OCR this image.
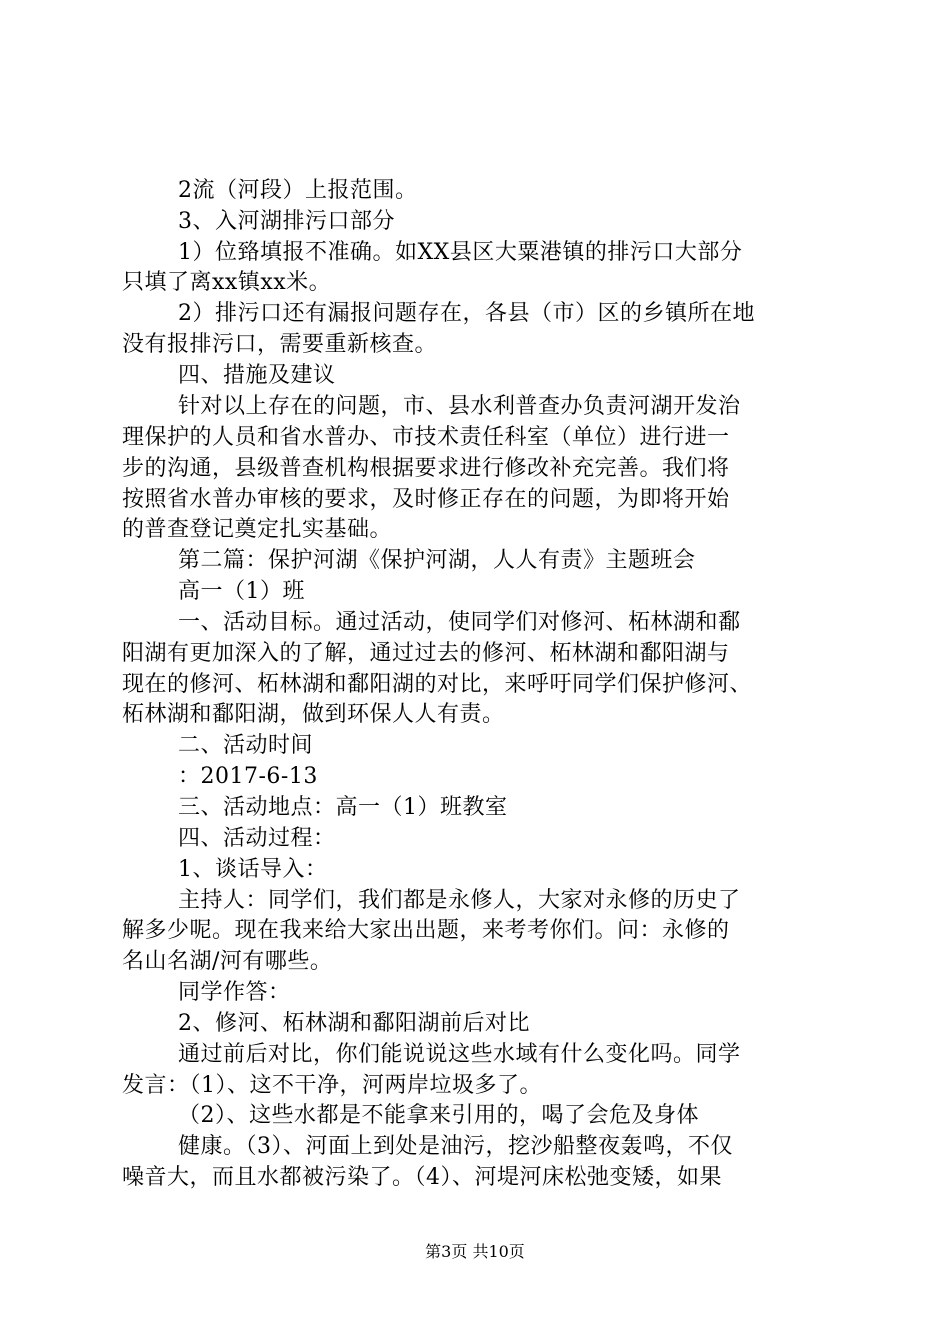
2流（河段）上报范围。
3、入河湖排污口部分
1）位臵填报不准确。如XX县区大粟港镇的排污口大部分
只填了离xx镇xx米。
2）排污口还有漏报问题存在，各县（市）区的乡镇所在地
没有报排污口，需要重新核查。
四、措施及建议
针对以上存在的问题，市、县水利普查办负责河湖开发治
理保护的人员和省水普办、市技术责任科室（单位）进行进一
步的沟通，县级普查机构根据要求进行修改补充完善。我们将
按照省水普办审核的要求，及时修正存在的问题，为即将开始
的普查登记奠定扎实基础。
第二篇：保护河湖《保护河湖，人人有责》主题班会
高一（1）班
一、活动目标。通过活动，使同学们对修河、柘林湖和鄱
阳湖有更加深入的了解，通过过去的修河、柘林湖和鄱阳湖与
现在的修河、柘林湖和鄱阳湖的对比，来呼吁同学们保护修河、
柘林湖和鄱阳湖，做到环保人人有责。
二、活动时间
：2017-6-13
三、活动地点：高一（1）班教室
四、活动过程：
1、谈话导入：
主持人：同学们，我们都是永修人，大家对永修的历史了
解多少呢。现在我来给大家出出题，来考考你们。问：永修的
名山名湖/河有哪些。
同学作答：
2、修河、柘林湖和鄱阳湖前后对比
通过前后对比，你们能说说这些水域有什么变化吗。同学
发言：（1）、这不干净，河两岸垃圾多了。
（2）、这些水都是不能拿来引用的，喝了会危及身体
健康。（3）、河面上到处是油污，挖沙船整夜轰鸣，不仅
噪音大，而且水都被污染了。（4）、河堤河床松弛变矮，如果
第3页 共10页
